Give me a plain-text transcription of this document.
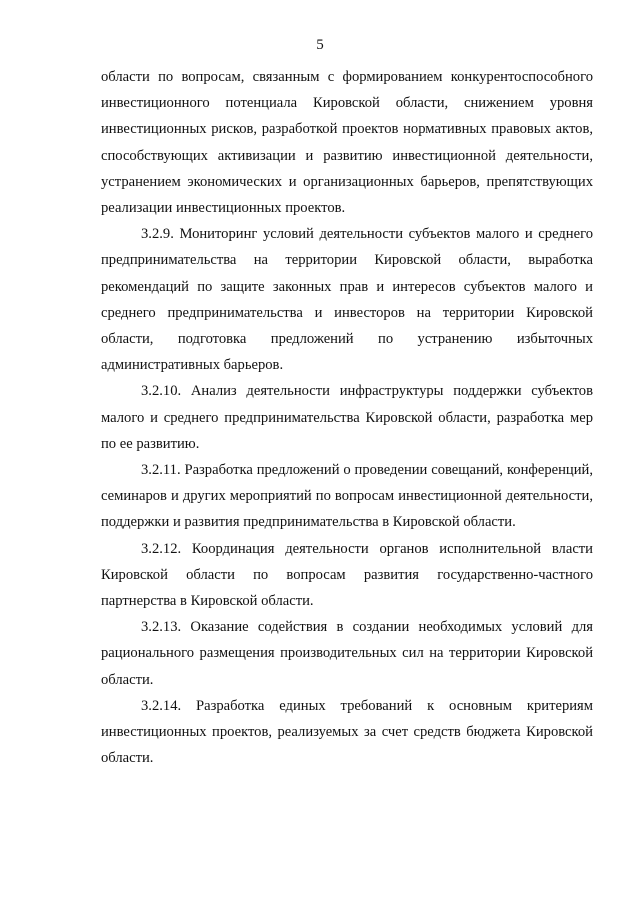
5

области по вопросам, связанным с формированием конкурентоспособного инвестиционного потенциала Кировской области, снижением уровня инвестиционных рисков, разработкой проектов нормативных правовых актов, способствующих активизации и развитию инвестиционной деятельности, устранением экономических и организационных барьеров, препятствующих реализации инвестиционных проектов.

3.2.9. Мониторинг условий деятельности субъектов малого и среднего предпринимательства на территории Кировской области, выработка рекомендаций по защите законных прав и интересов субъектов малого и среднего предпринимательства и инвесторов на территории Кировской области, подготовка предложений по устранению избыточных административных барьеров.

3.2.10. Анализ деятельности инфраструктуры поддержки субъектов малого и среднего предпринимательства Кировской области, разработка мер по ее развитию.

3.2.11. Разработка предложений о проведении совещаний, конференций, семинаров и других мероприятий по вопросам инвестиционной деятельности, поддержки и развития предпринимательства в Кировской области.

3.2.12. Координация деятельности органов исполнительной власти Кировской области по вопросам развития государственно-частного партнерства в Кировской области.

3.2.13. Оказание содействия в создании необходимых условий для рационального размещения производительных сил на территории Кировской области.

3.2.14. Разработка единых требований к основным критериям инвестиционных проектов, реализуемых за счет средств бюджета Кировской области.
